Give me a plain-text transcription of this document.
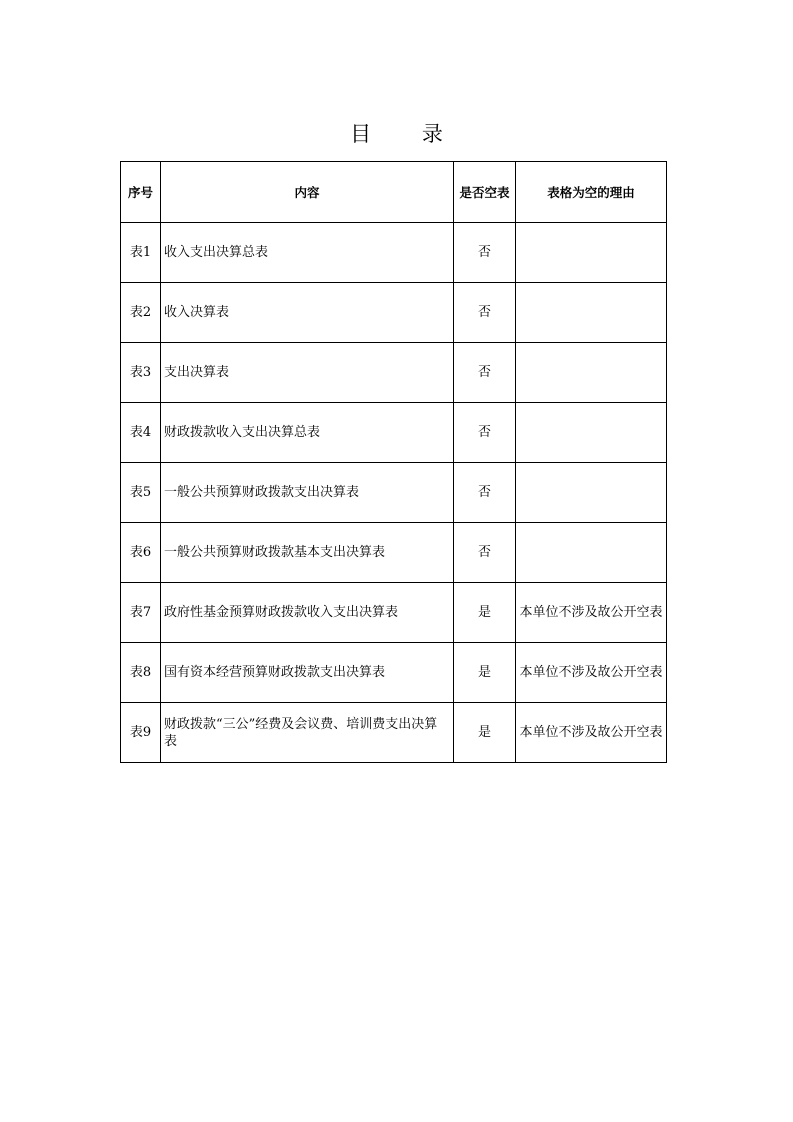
目 录
序号	内容	是否空表	表格为空的理由
表1	收入支出决算总表	否	
表2	收入决算表	否	
表3	支出决算表	否	
表4	财政拨款收入支出决算总表	否	
表5	一般公共预算财政拨款支出决算表	否	
表6	一般公共预算财政拨款基本支出决算表	否	
表7	政府性基金预算财政拨款收入支出决算表	是	本单位不涉及故公开空表
表8	国有资本经营预算财政拨款支出决算表	是	本单位不涉及故公开空表
表9	财政拨款“三公”经费及会议费、培训费支出决算表	是	本单位不涉及故公开空表
